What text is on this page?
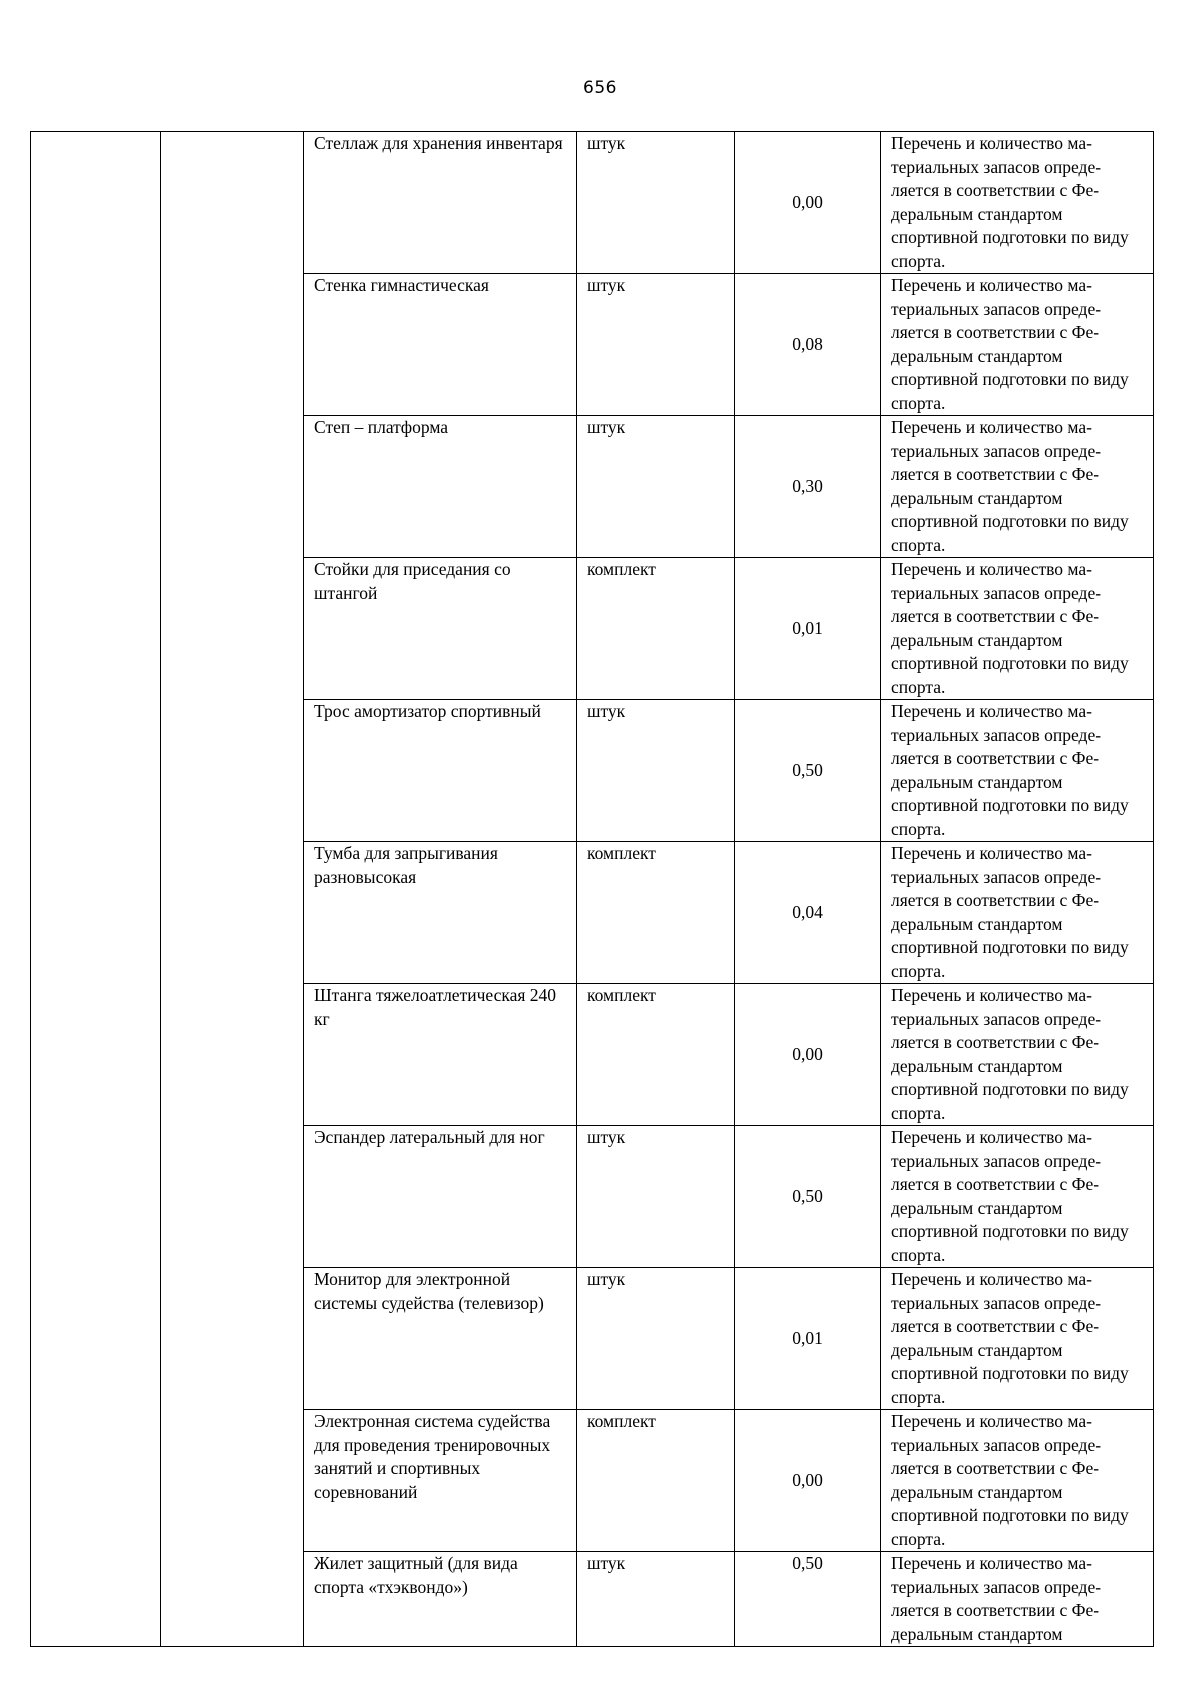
656
		Стеллаж для хранения инвентаря	штук	0,00	Перечень и количество ма-териальных запасов опреде-ляется в соответствии с Фе-деральным стандартом спортивной подготовки по виду спорта.
		Стенка гимнастическая	штук	0,08	Перечень и количество ма-териальных запасов опреде-ляется в соответствии с Фе-деральным стандартом спортивной подготовки по виду спорта.
		Степ – платформа	штук	0,30	Перечень и количество ма-териальных запасов опреде-ляется в соответствии с Фе-деральным стандартом спортивной подготовки по виду спорта.
		Стойки для приседания со штангой	комплект	0,01	Перечень и количество ма-териальных запасов опреде-ляется в соответствии с Фе-деральным стандартом спортивной подготовки по виду спорта.
		Трос амортизатор спортивный	штук	0,50	Перечень и количество ма-териальных запасов опреде-ляется в соответствии с Фе-деральным стандартом спортивной подготовки по виду спорта.
		Тумба для запрыгивания разновысокая	комплект	0,04	Перечень и количество ма-териальных запасов опреде-ляется в соответствии с Фе-деральным стандартом спортивной подготовки по виду спорта.
		Штанга тяжелоатлетическая 240 кг	комплект	0,00	Перечень и количество ма-териальных запасов опреде-ляется в соответствии с Фе-деральным стандартом спортивной подготовки по виду спорта.
		Эспандер латеральный для ног	штук	0,50	Перечень и количество ма-териальных запасов опреде-ляется в соответствии с Фе-деральным стандартом спортивной подготовки по виду спорта.
		Монитор для электронной системы судейства (телевизор)	штук	0,01	Перечень и количество ма-териальных запасов опреде-ляется в соответствии с Фе-деральным стандартом спортивной подготовки по виду спорта.
		Электронная система судейства для проведения тренировочных занятий и спортивных соревнований	комплект	0,00	Перечень и количество ма-териальных запасов опреде-ляется в соответствии с Фе-деральным стандартом спортивной подготовки по виду спорта.
		Жилет защитный (для вида спорта «тхэквондо»)	штук	0,50	Перечень и количество ма-териальных запасов опреде-ляется в соответствии с Фе-деральным стандартом
